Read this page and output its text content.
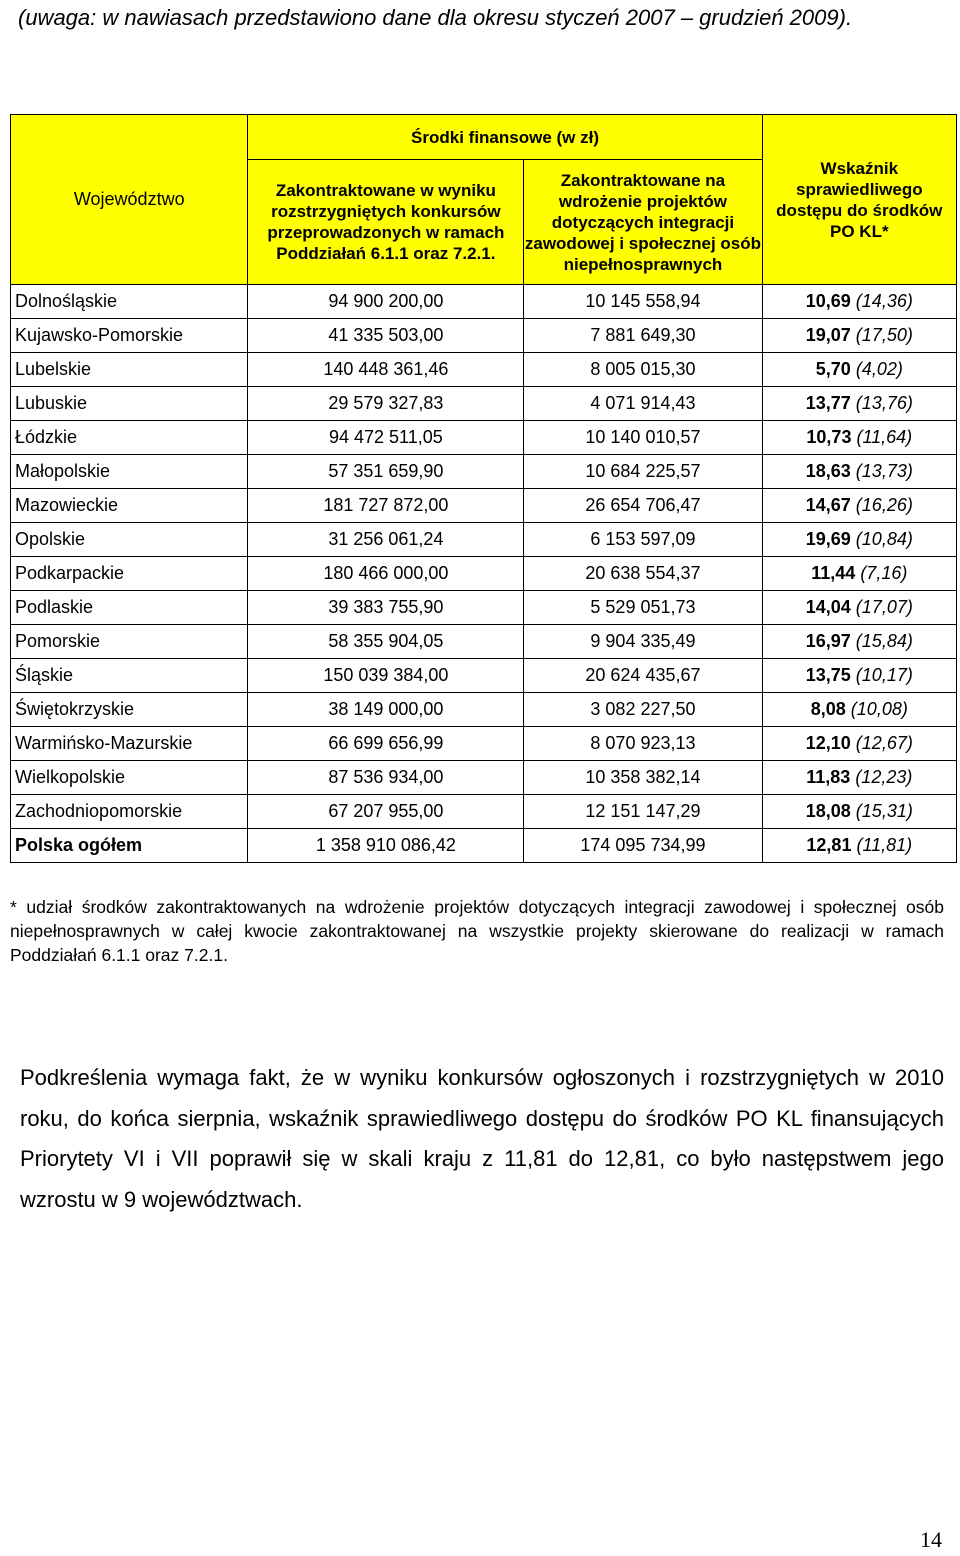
(uwaga: w nawiasach przedstawiono dane dla okresu styczeń 2007 – grudzień 2009).
Województwo	Środki finansowe (w zł)		Wskaźnik sprawiedliwego dostępu do środków PO KL*
	Zakontraktowane w wyniku rozstrzygniętych konkursów przeprowadzonych w ramach Poddziałań 6.1.1 oraz 7.2.1.	Zakontraktowane na wdrożenie projektów dotyczących integracji zawodowej i społecznej osób niepełnosprawnych	
Dolnośląskie	94 900 200,00	10 145 558,94	10,69 (14,36)
Kujawsko-Pomorskie	41 335 503,00	7 881 649,30	19,07 (17,50)
Lubelskie	140 448 361,46	8 005 015,30	5,70 (4,02)
Lubuskie	29 579 327,83	4 071 914,43	13,77 (13,76)
Łódzkie	94 472 511,05	10 140 010,57	10,73 (11,64)
Małopolskie	57 351 659,90	10 684 225,57	18,63 (13,73)
Mazowieckie	181 727 872,00	26 654 706,47	14,67 (16,26)
Opolskie	31 256 061,24	6 153 597,09	19,69 (10,84)
Podkarpackie	180 466 000,00	20 638 554,37	11,44 (7,16)
Podlaskie	39 383 755,90	5 529 051,73	14,04 (17,07)
Pomorskie	58 355 904,05	9 904 335,49	16,97 (15,84)
Śląskie	150 039 384,00	20 624 435,67	13,75 (10,17)
Świętokrzyskie	38 149 000,00	3 082 227,50	8,08 (10,08)
Warmińsko-Mazurskie	66 699 656,99	8 070 923,13	12,10 (12,67)
Wielkopolskie	87 536 934,00	10 358 382,14	11,83 (12,23)
Zachodniopomorskie	67 207 955,00	12 151 147,29	18,08 (15,31)
Polska ogółem	1 358 910 086,42	174 095 734,99	12,81 (11,81)
* udział środków zakontraktowanych na wdrożenie projektów dotyczących integracji zawodowej i społecznej osób niepełnosprawnych w całej kwocie zakontraktowanej na wszystkie projekty skierowane do realizacji w ramach Poddziałań 6.1.1 oraz 7.2.1.
Podkreślenia wymaga fakt, że w wyniku konkursów ogłoszonych i rozstrzygniętych w 2010 roku, do końca sierpnia, wskaźnik sprawiedliwego dostępu do środków PO KL finansujących Priorytety VI i VII poprawił się w skali kraju z 11,81 do 12,81, co było następstwem jego wzrostu w 9 województwach.
14
